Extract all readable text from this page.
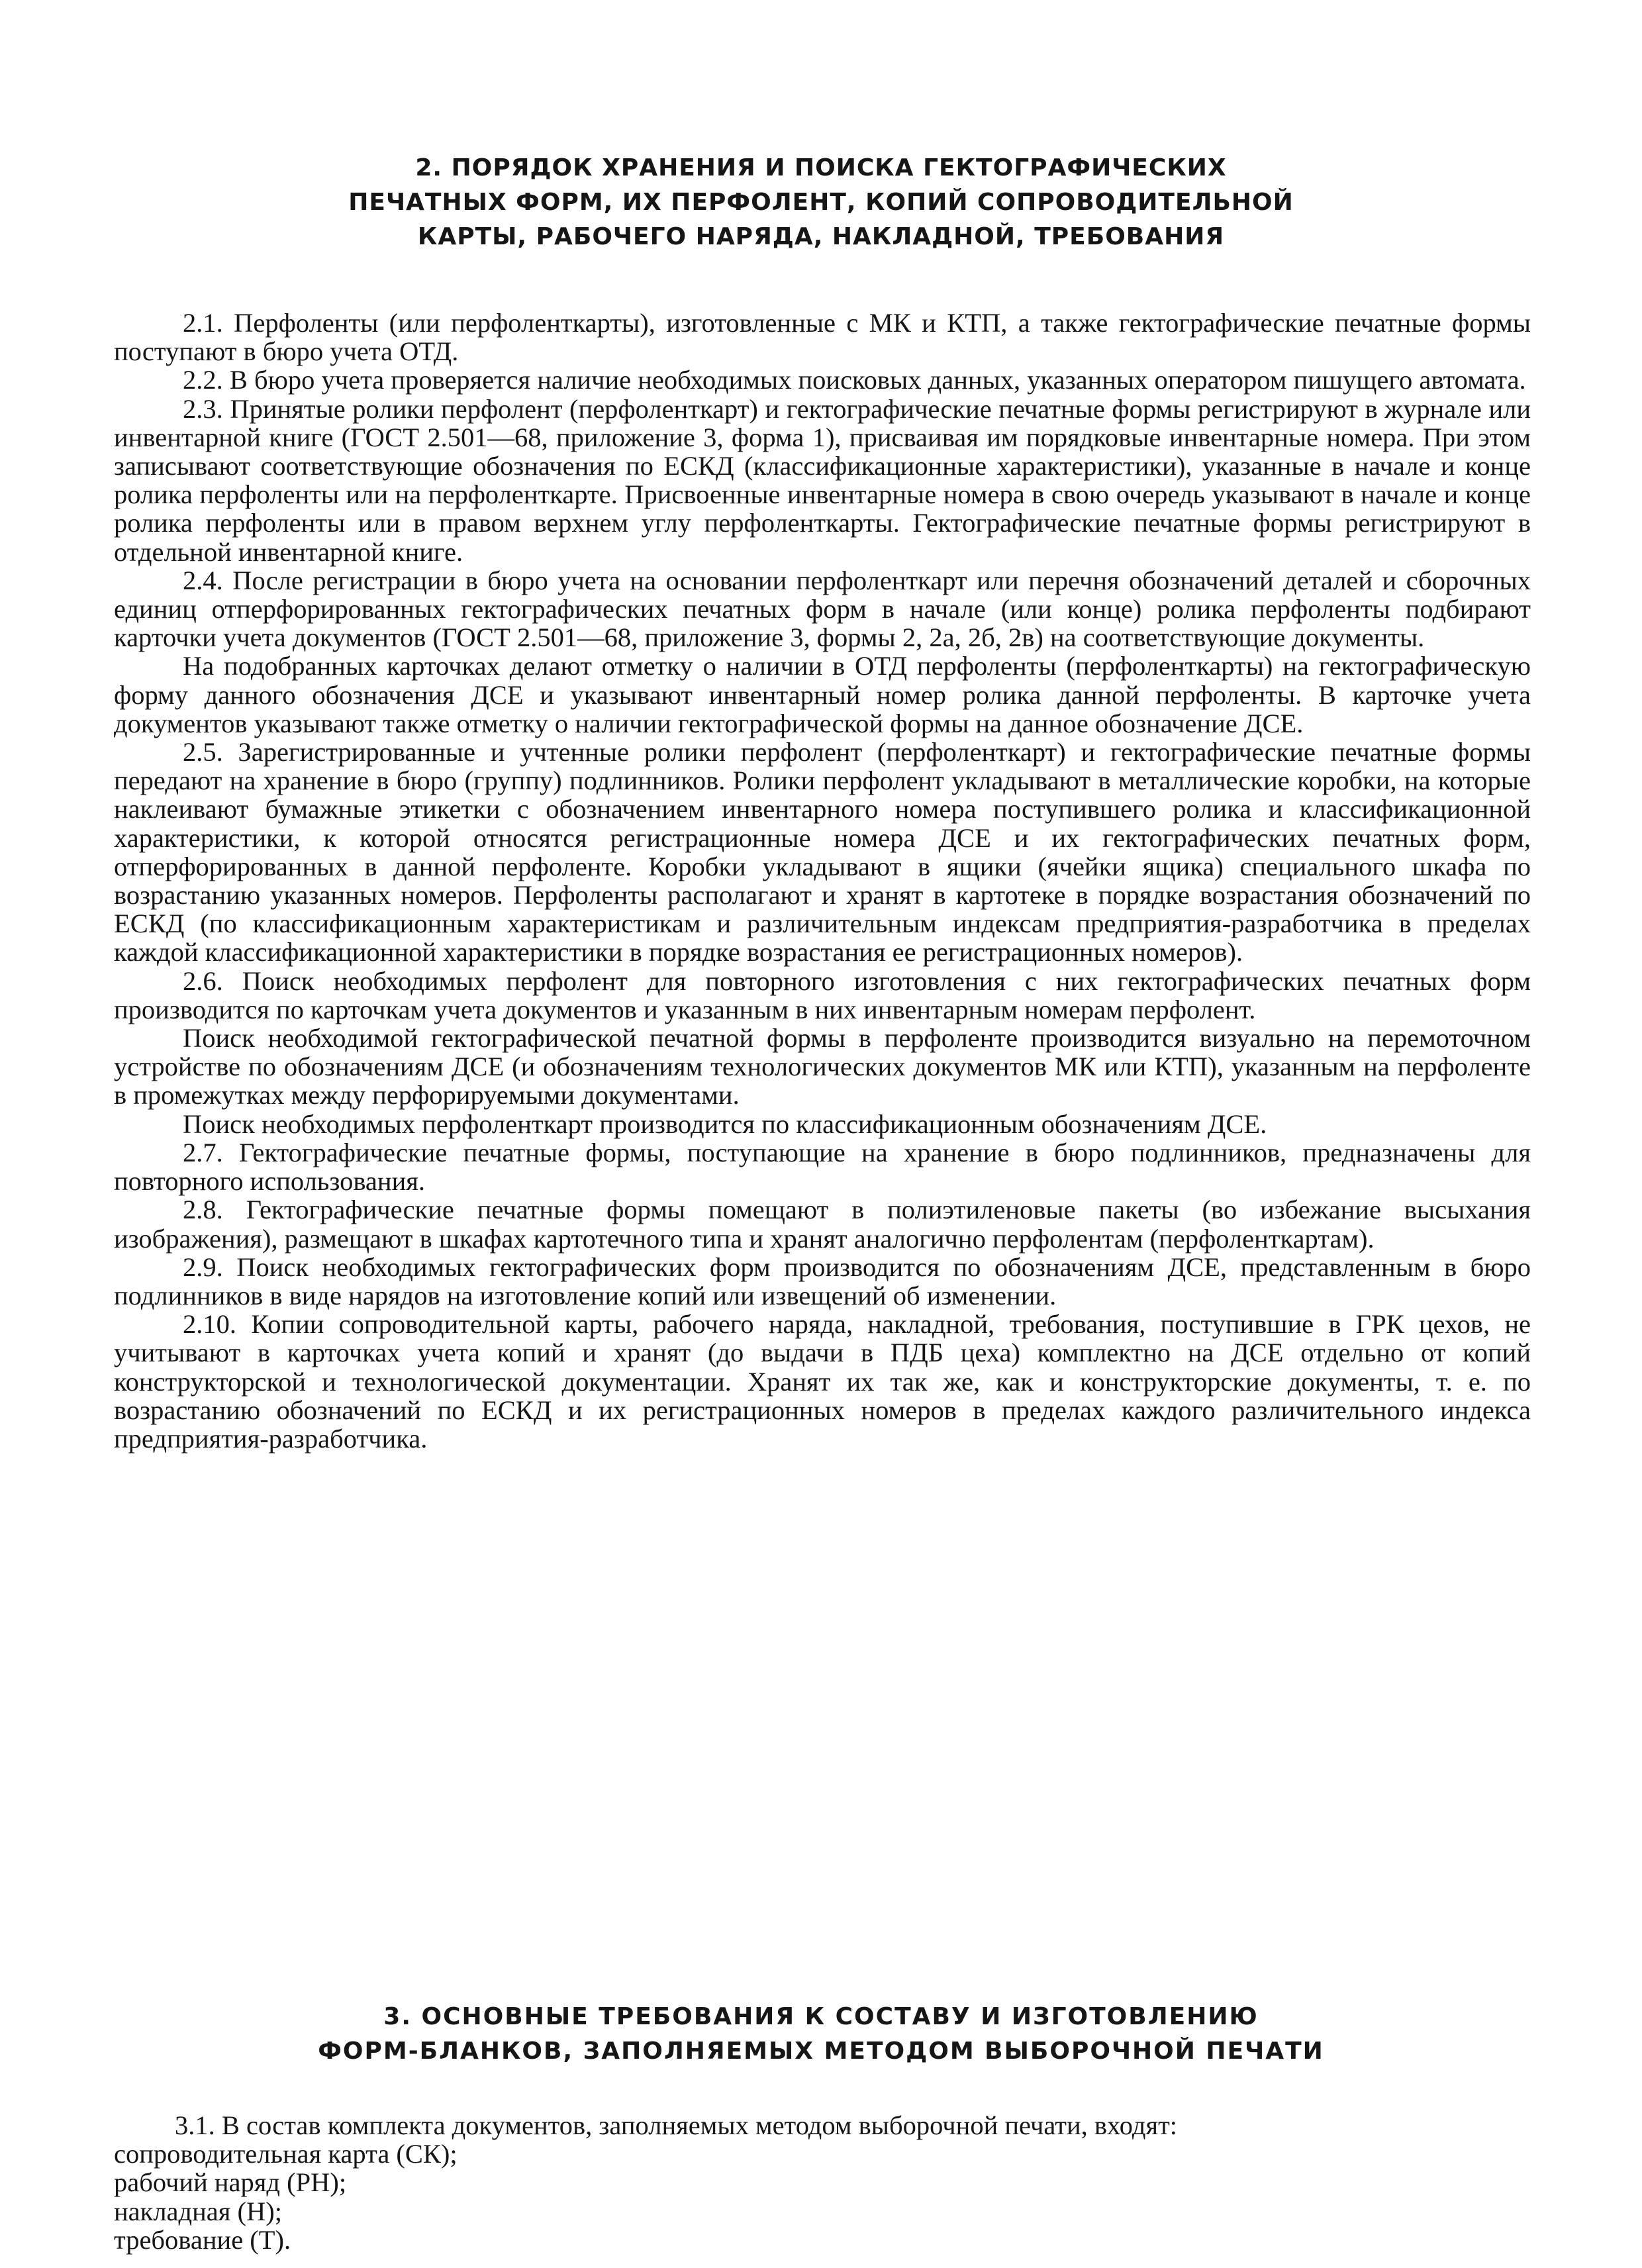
2. ПОРЯДОК ХРАНЕНИЯ И ПОИСКА ГЕКТОГРАФИЧЕСКИХ
ПЕЧАТНЫХ ФОРМ, ИХ ПЕРФОЛЕНТ, КОПИЙ СОПРОВОДИТЕЛЬНОЙ
КАРТЫ, РАБОЧЕГО НАРЯДА, НАКЛАДНОЙ, ТРЕБОВАНИЯ

2.1. Перфоленты (или перфоленткарты), изготовленные с МК и КТП, а также гектографические печатные формы поступают в бюро учета ОТД.

2.2. В бюро учета проверяется наличие необходимых поисковых данных, указанных оператором пишущего автомата.

2.3. Принятые ролики перфолент (перфоленткарт) и гектографические печатные формы регистрируют в журнале или инвентарной книге (ГОСТ 2.501—68, приложение 3, форма 1), присваивая им порядковые инвентарные номера. При этом записывают соответствующие обозначения по ЕСКД (классификационные характеристики), указанные в начале и конце ролика перфоленты или на перфоленткарте. Присвоенные инвентарные номера в свою очередь указывают в начале и конце ролика перфоленты или в правом верхнем углу перфоленткарты. Гектографические печатные формы регистрируют в отдельной инвентарной книге.

2.4. После регистрации в бюро учета на основании перфоленткарт или перечня обозначений деталей и сборочных единиц отперфорированных гектографических печатных форм в начале (или конце) ролика перфоленты подбирают карточки учета документов (ГОСТ 2.501—68, приложение 3, формы 2, 2а, 2б, 2в) на соответствующие документы.

На подобранных карточках делают отметку о наличии в ОТД перфоленты (перфоленткарты) на гектографическую форму данного обозначения ДСЕ и указывают инвентарный номер ролика данной перфоленты. В карточке учета документов указывают также отметку о наличии гектографической формы на данное обозначение ДСЕ.

2.5. Зарегистрированные и учтенные ролики перфолент (перфоленткарт) и гектографические печатные формы передают на хранение в бюро (группу) подлинников. Ролики перфолент укладывают в металлические коробки, на которые наклеивают бумажные этикетки с обозначением инвентарного номера поступившего ролика и классификационной характеристики, к которой относятся регистрационные номера ДСЕ и их гектографических печатных форм, отперфорированных в данной перфоленте. Коробки укладывают в ящики (ячейки ящика) специального шкафа по возрастанию указанных номеров. Перфоленты располагают и хранят в картотеке в порядке возрастания обозначений по ЕСКД (по классификационным характеристикам и различительным индексам предприятия-разработчика в пределах каждой классификационной характеристики в порядке возрастания ее регистрационных номеров).

2.6. Поиск необходимых перфолент для повторного изготовления с них гектографических печатных форм производится по карточкам учета документов и указанным в них инвентарным номерам перфолент.

Поиск необходимой гектографической печатной формы в перфоленте производится визуально на перемоточном устройстве по обозначениям ДСЕ (и обозначениям технологических документов МК или КТП), указанным на перфоленте в промежутках между перфорируемыми документами.

Поиск необходимых перфоленткарт производится по классификационным обозначениям ДСЕ.

2.7. Гектографические печатные формы, поступающие на хранение в бюро подлинников, предназначены для повторного использования.

2.8. Гектографические печатные формы помещают в полиэтиленовые пакеты (во избежание высыхания изображения), размещают в шкафах картотечного типа и хранят аналогично перфолентам (перфоленткартам).

2.9. Поиск необходимых гектографических форм производится по обозначениям ДСЕ, представленным в бюро подлинников в виде нарядов на изготовление копий или извещений об изменении.

2.10. Копии сопроводительной карты, рабочего наряда, накладной, требования, поступившие в ГРК цехов, не учитывают в карточках учета копий и хранят (до выдачи в ПДБ цеха) комплектно на ДСЕ отдельно от копий конструкторской и технологической документации. Хранят их так же, как и конструкторские документы, т. е. по возрастанию обозначений по ЕСКД и их регистрационных номеров в пределах каждого различительного индекса предприятия-разработчика.

3. ОСНОВНЫЕ ТРЕБОВАНИЯ К СОСТАВУ И ИЗГОТОВЛЕНИЮ
ФОРМ-БЛАНКОВ, ЗАПОЛНЯЕМЫХ МЕТОДОМ ВЫБОРОЧНОЙ ПЕЧАТИ

3.1. В состав комплекта документов, заполняемых методом выборочной печати, входят:

сопроводительная карта (СК);

рабочий наряд (РН);

накладная (Н);

требование (Т).
